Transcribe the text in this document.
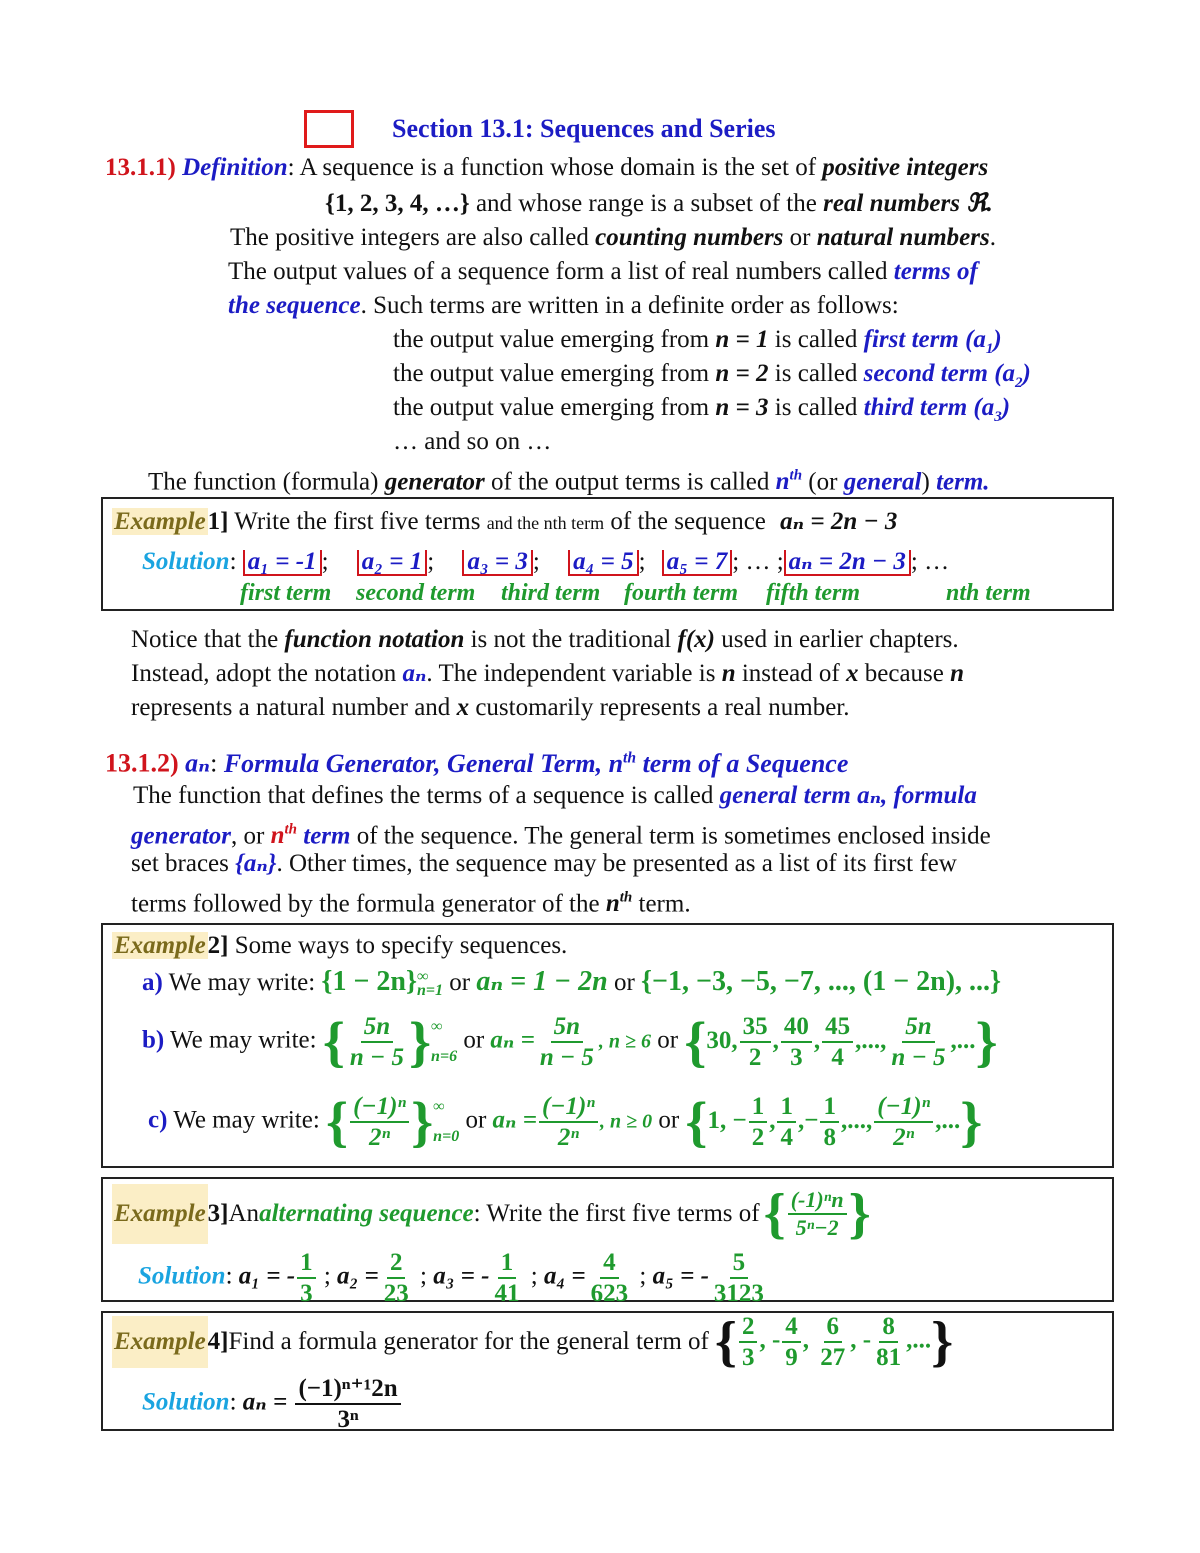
Section 13.1: Sequences and Series
13.1.1) Definition: A sequence is a function whose domain is the set of positive integers
{1, 2, 3, 4, …} and whose range is a subset of the real numbers ℜ.
The positive integers are also called counting numbers or natural numbers.
The output values of a sequence form a list of real numbers called terms of
the sequence. Such terms are written in a definite order as follows:
the output value emerging from n = 1 is called first term $(a_1)$
the output value emerging from n = 2 is called second term $(a_2)$
the output value emerging from n = 3 is called third term $(a_3)$
… and so on …
The function (formula) generator of the output terms is called $n^{th}$ (or general) term.
Example1] Write the first five terms and the nth term of the sequence aₙ = 2n − 3
Solution: a₁ = -1 ; a₂ = 1 ; a₃ = 3 ; a₄ = 5 ; a₅ = 7 ; … ; aₙ = 2n − 3 ; …
first term second term third term fourth term fifth term	nth term
Notice that the function notation is not the traditional f(x) used in earlier chapters.
Instead, adopt the notation aₙ. The independent variable is n instead of x because n
represents a natural number and x customarily represents a real number.
13.1.2) aₙ: Formula Generator, General Term, $n^{th}$ term of a Sequence
The function that defines the terms of a sequence is called general term aₙ, formula
generator, or $n^{th}$ term of the sequence. The general term is sometimes enclosed inside
set braces {aₙ}. Other times, the sequence may be presented as a list of its first few
terms followed by the formula generator of the $n^{th}$ term.
Example2] Some ways to specify sequences.
a) We may write: {1 − 2n} ∞
n=1 or aₙ = 1 − 2n or {−1, −3, −5, −7, ..., (1 − 2n), ...}
b) We may write: { $\frac{5n}{n - 5}$ } ∞
n=6
or $a_n = \frac{5n}{n - 5}$ , n ≥ 6 or {30, $\frac{35}{2}$ , $\frac{40}{3}$ , $\frac{45}{4}$ ,..., $\frac{5n}{n - 5}$ ,...}
c) We may write: { $\frac{\text{(−1)ⁿ}}{\text{2ⁿ}}$ } ∞
n=0
or $a_n = \frac{\text{(−1)ⁿ}}{\text{2ⁿ}}$ , n ≥ 0 or {1, − $\frac{1}{2}$ , $\frac{1}{4}$ ,− $\frac{1}{8}$ ,..., $\frac{\text{(−1)ⁿ}}{\text{2ⁿ}}$ ,...}
Example 3] An alternating sequence : Write the first five terms of { $\frac{\text{(-1)ⁿn}}{\text{5ⁿ−2}}$ }
Solution: a₁ = - $\frac{1}{3}$ ; $a_2 = \frac{2}{23}$ ; a₃ = - $\frac{1}{41}$ ; $a_4 = \frac{4}{623}$ ; a₅ = - $\frac{5}{3123}$
Example 4] Find a formula generator for the general term of { $\frac{2}{3}$ , - $\frac{4}{9}$ , $\frac{6}{27}$ , - $\frac{8}{81}$ ,...}
Solution: $a_n = \frac{\text{(−1)ⁿ⁺¹2n}}{\text{3ⁿ}}$
